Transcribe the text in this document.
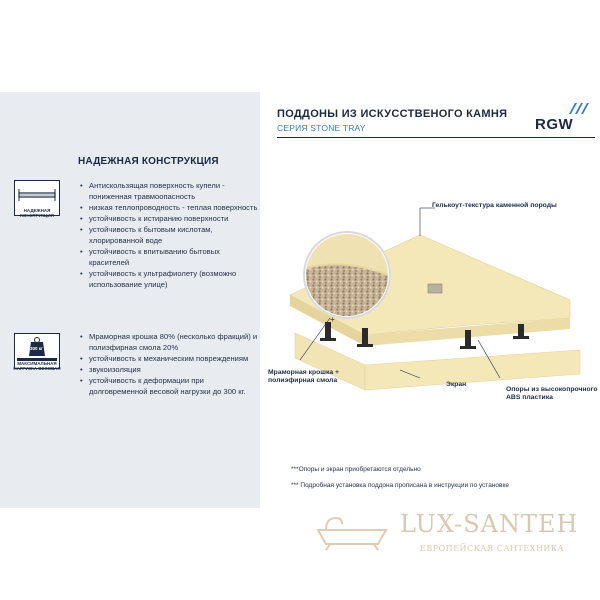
НАДЕЖНАЯ КОНСТРУКЦИЯ
НАДЕЖНАЯ КОНСТРУКЦИЯ
• Антискользящая поверхность купели - пониженная травмоопасность
• низкая теплопроводность - теплая поверхность
• устойчивость к истиранию поверхности
• устойчивость к бытовым кислотам, хлорированной воде
• устойчивость к впитыванию бытовых красителей
• устойчивость к ультрафиолету (возможно использование улице)
300 кг
МАКСИМАЛЬНАЯ НАГРУЗКА ВЕСОВАЯ
• Мраморная крошка 80% (несколько фракций) и полиэфирная смола 20%
• устойчивость к механическим повреждениям
• звукоизоляция
• устойчивость к деформации при долговременной весовой нагрузки до 300 кг.
ПОДДОНЫ ИЗ ИСКУССТВЕНОГО КАМНЯ
СЕРИЯ STONE TRAY	RGW
+
Гелькоут-текстура каменной породы
Мраморная крошка + полиэфирная смола
Экран
Опоры из высокопрочного ABS пластика
***Опоры и экран приобретаются отдельно
*** Подробная установка поддона прописана в инструкции по установке
LUX-SANTEH
ЕВРОПЕЙСКАЯ САНТЕХНИКА
